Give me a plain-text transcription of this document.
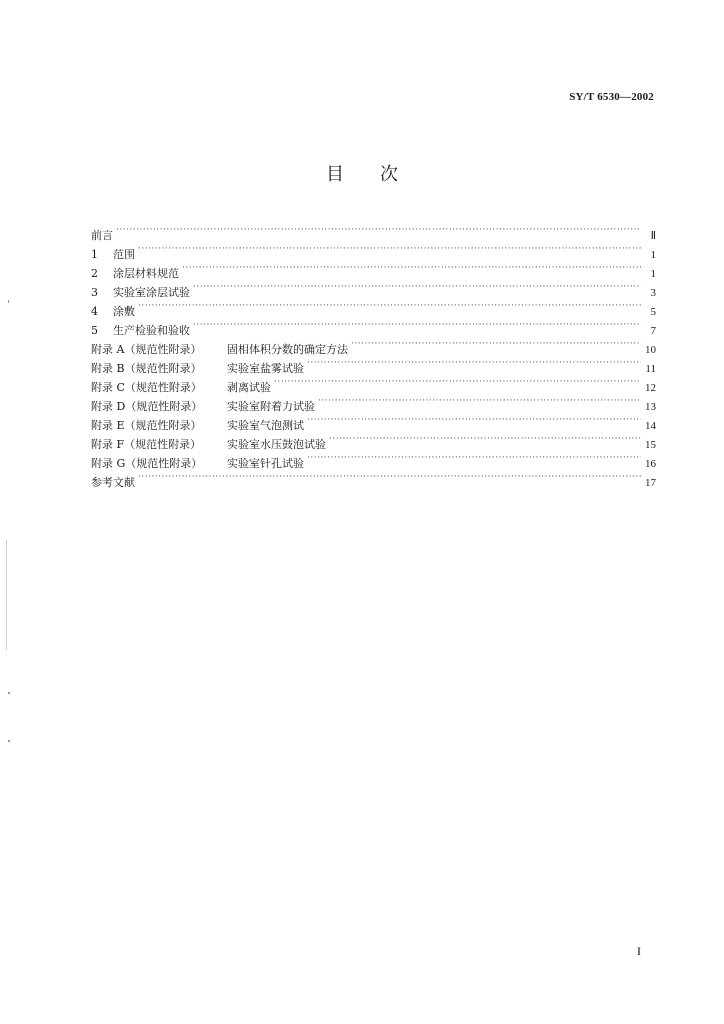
SY/T 6530—2002
目 次
前言 ·····	Ⅱ
1	范围 ·····	1
2	涂层材料规范 ·····	1
3	实验室涂层试验 ·····	3
4	涂敷 ·····	5
5	生产检验和验收 ·····	7
附录 A（规范性附录）	固相体积分数的确定方法 ·····	10
附录 B（规范性附录）	实验室盐雾试验 ·····	11
附录 C（规范性附录）	剥离试验 ·····	12
附录 D（规范性附录）	实验室附着力试验 ·····	13
附录 E（规范性附录）	实验室气泡测试 ·····	14
附录 F（规范性附录）	实验室水压鼓泡试验 ·····	15
附录 G（规范性附录）	实验室针孔试验 ·····	16
参考文献 ·····	17
I
